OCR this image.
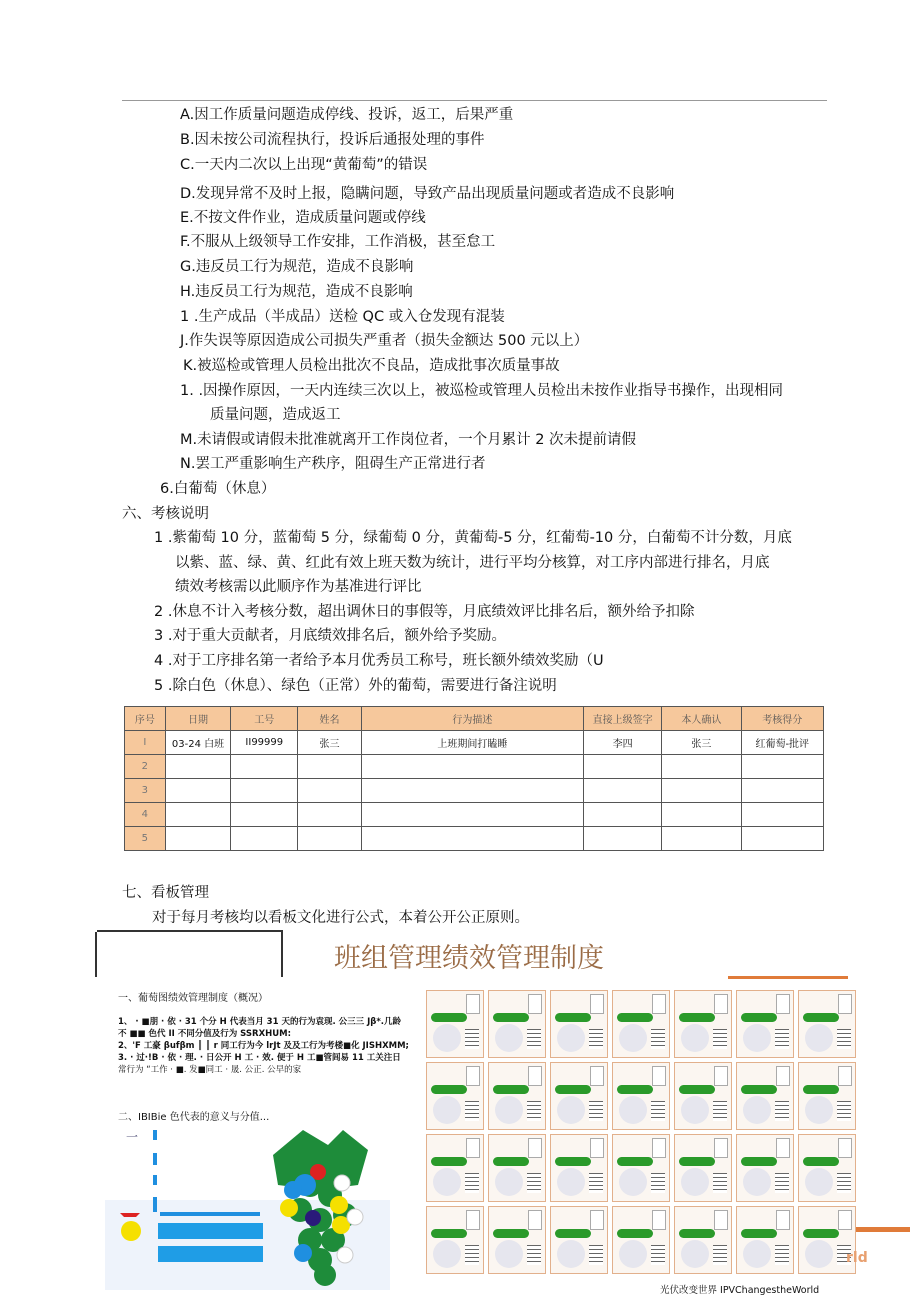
A.因工作质量问题造成停线、投诉，返工，后果严重
B.因未按公司流程执行，投诉后通报处理的事件
C.一天内二次以上出现“黄葡萄”的错误
D.发现异常不及时上报，隐瞒问题，导致产品出现质量问题或者造成不良影响
E.不按文件作业，造成质量问题或停线
F.不服从上级领导工作安排，工作消极，甚至怠工
G.违反员工行为规范，造成不良影响
H.违反员工行为规范，造成不良影响
1 .生产成品（半成品）送检 QC 或入仓发现有混装
J.作失误等原因造成公司损失严重者（损失金额达 500 元以上）
K.被巡检或管理人员检出批次不良品，造成批事次质量事故
1. .因操作原因，一天内连续三次以上，被巡检或管理人员检出未按作业指导书操作，出现相同
质量问题，造成返工
M.未请假或请假未批准就离开工作岗位者，一个月累计 2 次未提前请假
N.罢工严重影响生产秩序，阻碍生产正常进行者
6.白葡萄（休息）
六、考核说明
1 .紫葡萄 10 分，蓝葡萄 5 分，绿葡萄 0 分，黄葡萄-5 分，红葡萄-10 分，白葡萄不计分数，月底
以紫、蓝、绿、黄、红此有效上班天数为统计，进行平均分核算，对工序内部进行排名，月底
绩效考核需以此顺序作为基准进行评比
2 .休息不计入考核分数，超出调休日的事假等，月底绩效评比排名后，额外给予扣除
3 .对于重大贡献者，月底绩效排名后，额外给予奖励。
4 .对于工序排名第一者给予本月优秀员工称号，班长额外绩效奖励（U
5 .除白色（休息）、绿色（正常）外的葡萄，需要进行备注说明
序号	日期	工号	姓名	行为描述	直接上级签字	本人确认	考核得分
I	03-24 白班	II99999	张三	上班期间打瞌睡	李四	张三	红葡萄-批评
2							
3							
4							
5							
七、看板管理
对于每月考核均以看板文化进行公式，本着公开公正原则。
班组管理绩效管理制度
一、葡萄图绩效管理制度（概况）
1、 · ■朋 · 依 · 31 个分 H 代表当月 31 天的行为袁现. 公三三 Jβ*.几龄
不 ■■ 色代 II 不同分值及行为 SSRXHUM:
2、'F 工豪 βufβm ║ ║ r 同工行为今 lrJt 及及工行为考楼■化 JISHXMM;
3. · 过·!B · 依 · 理. · 日公开 H 工 · 效. 便于 H 工■管闾易 11 工关注日
常行为 “工作 · ■. 发■同工 · 晟. 公正. 公早的家
二、IBIBie 色代表的意义与分值...
一
rld
光伏改变世界 IPVChangestheWorld
